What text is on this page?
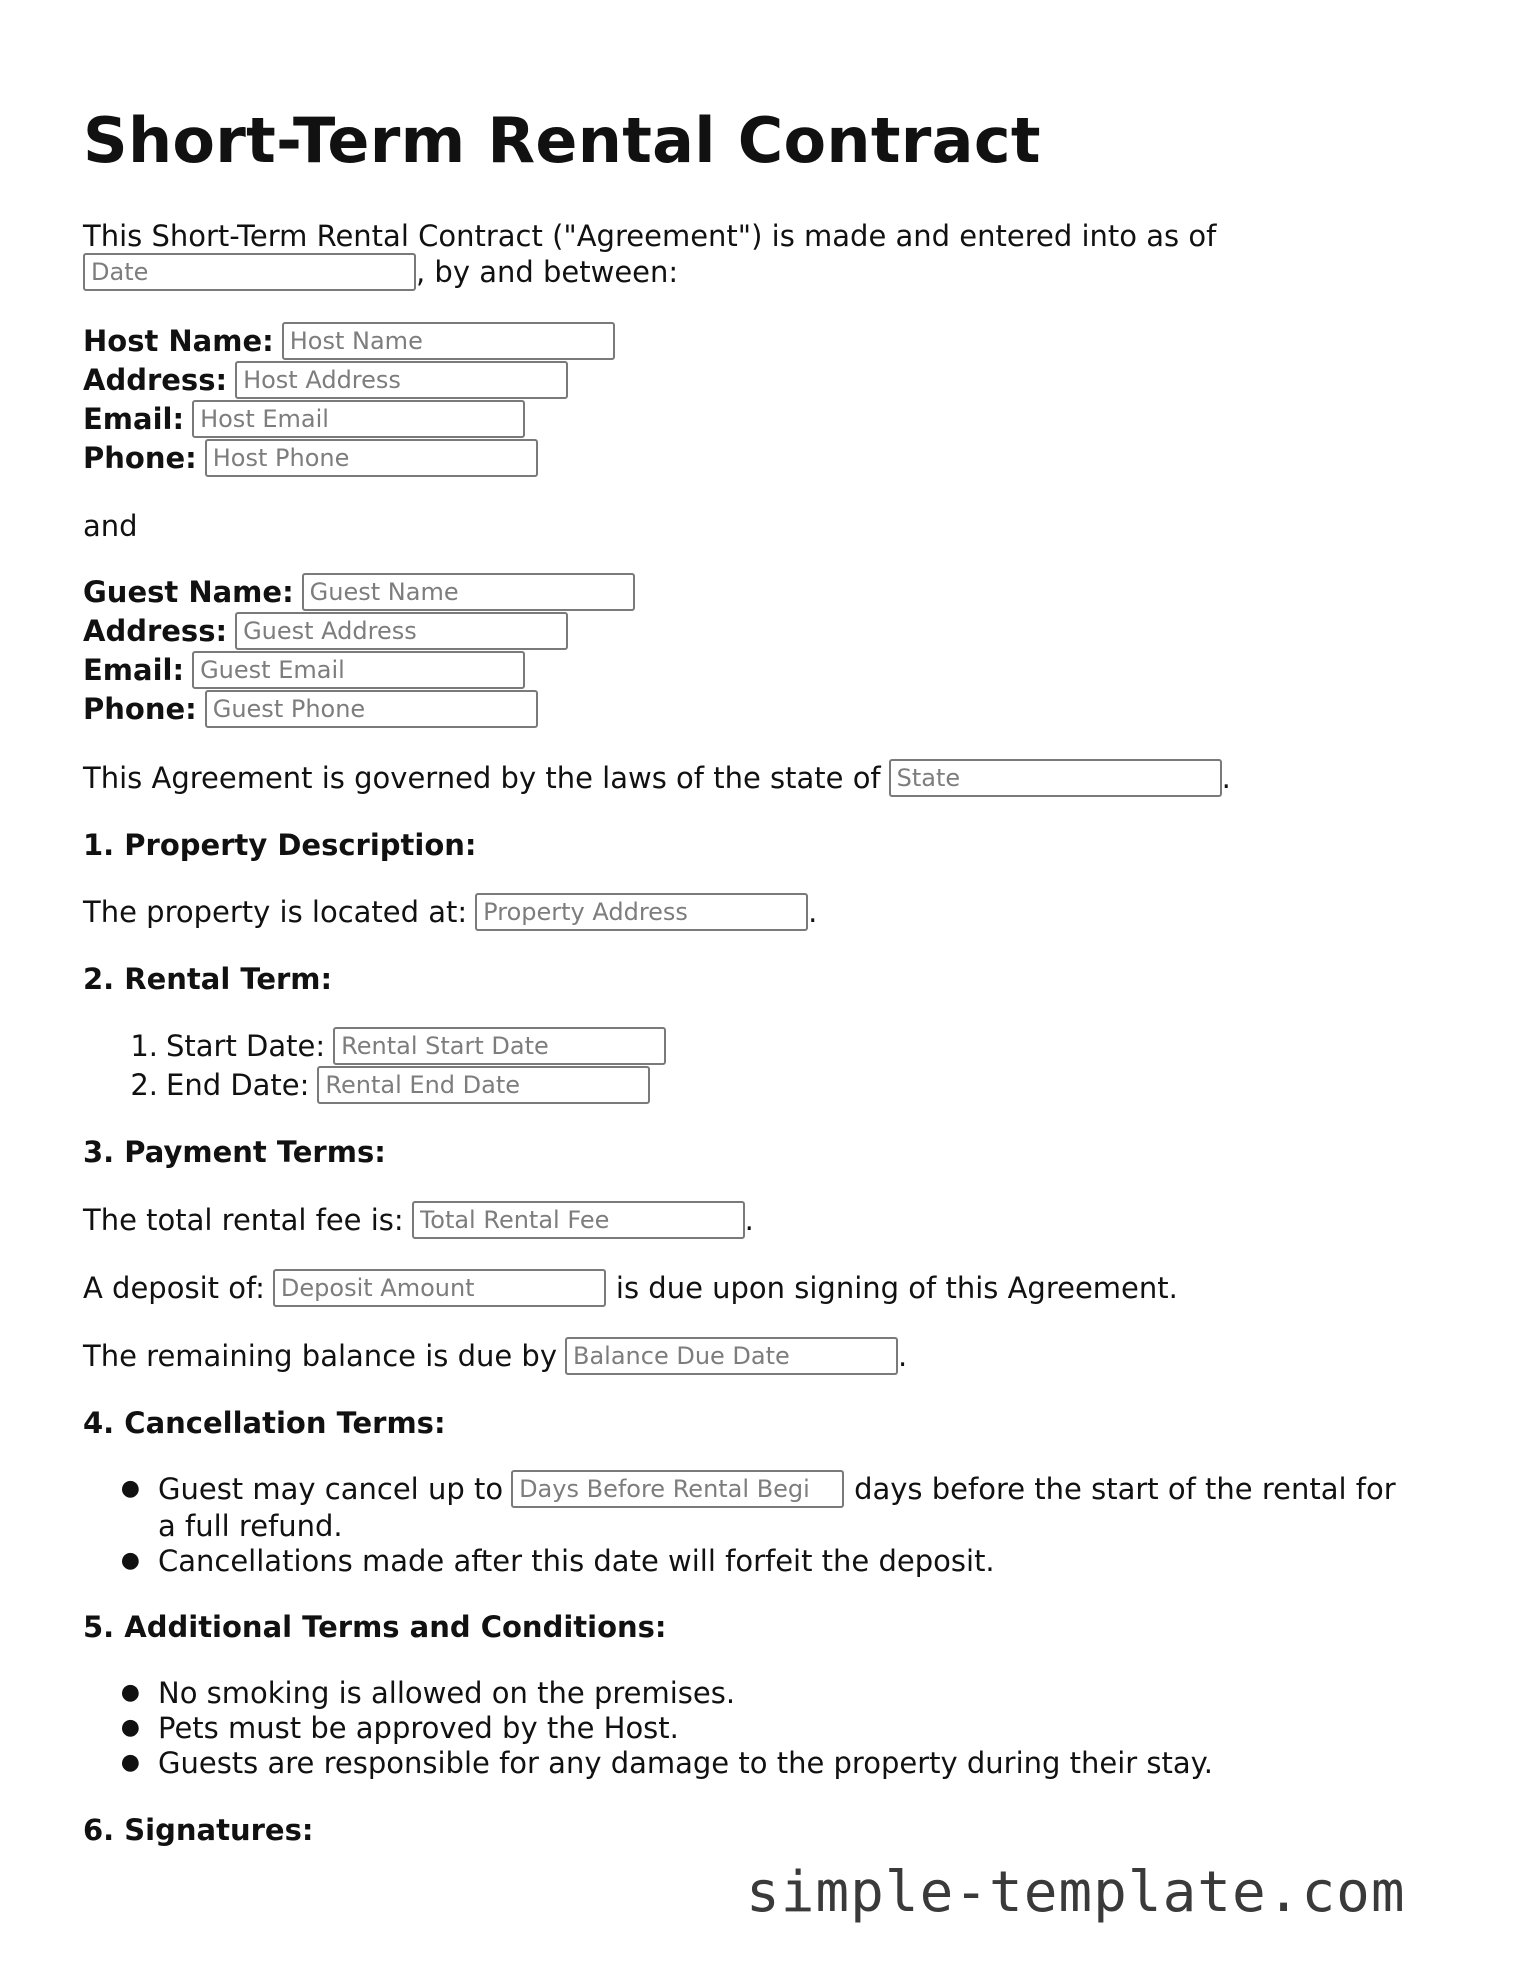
Short-Term Rental Contract
This Short-Term Rental Contract ("Agreement") is made and entered into as of
Date
, by and between:
Host Name:
Host Name
Address:
Host Address
Email:
Host Email
Phone:
Host Phone
and
Guest Name:
Guest Name
Address:
Guest Address
Email:
Guest Email
Phone:
Guest Phone
This Agreement is governed by the laws of the state of
State	.
1. Property Description:
The property is located at:
Property Address	.
2. Rental Term:
1. Start Date:
Rental Start Date
2. End Date:
Rental End Date
3. Payment Terms:
The total rental fee is:
Total Rental Fee	.
A deposit of:
Deposit Amount	is due upon signing of this Agreement.
The remaining balance is due by
Balance Due Date	.
4. Cancellation Terms:
● Guest may cancel up to
Days Before Rental Begi	days before the start of the rental for
a full refund.
● Cancellations made after this date will forfeit the deposit.
5. Additional Terms and Conditions:
● No smoking is allowed on the premises.
● Pets must be approved by the Host.
● Guests are responsible for any damage to the property during their stay.
6. Signatures:
simple-template.com
